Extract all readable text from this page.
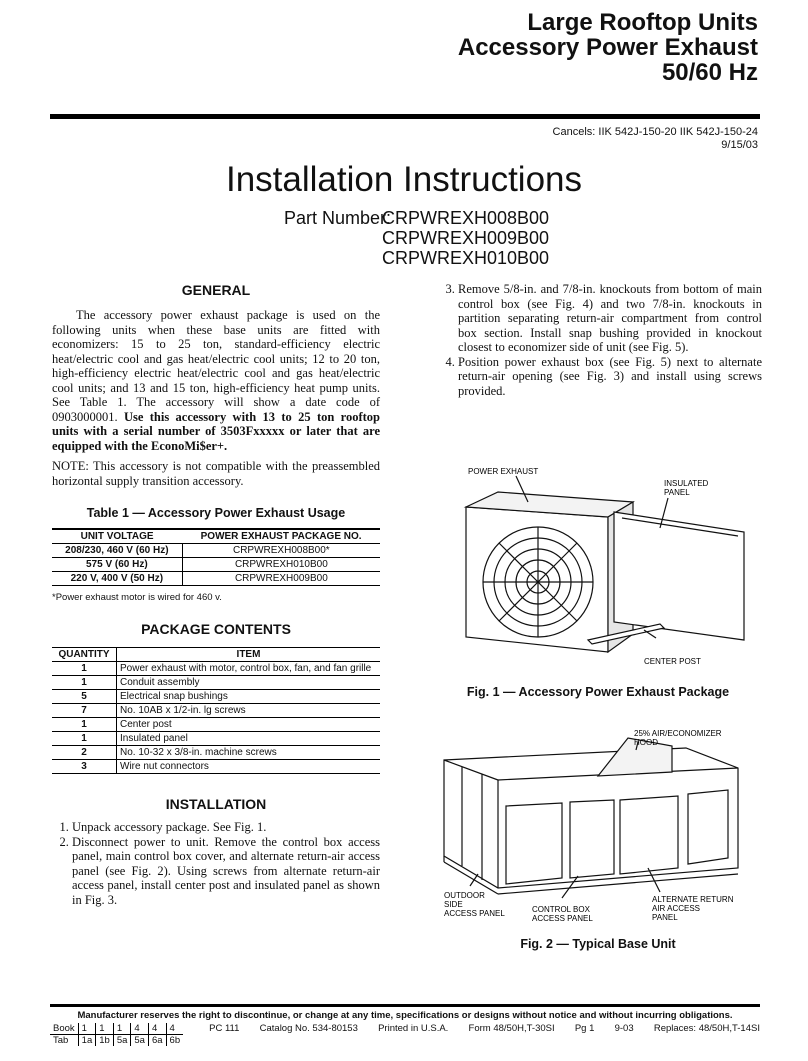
Large Rooftop Units
Accessory Power Exhaust
50/60 Hz
Cancels: IIK 542J-150-20 IIK 542J-150-24
9/15/03
Installation Instructions
Part Number:
CRPWREXH008B00
CRPWREXH009B00
CRPWREXH010B00
GENERAL

The accessory power exhaust package is used on the following units when these base units are fitted with economizers: 15 to 25 ton, standard-efficiency electric heat/electric cool and gas heat/electric cool units; 12 to 20 ton, high-efficiency electric heat/electric cool and gas heat/electric cool units; and 13 and 15 ton, high-efficiency heat pump units. See Table 1. The accessory will show a date code of 0903000001. Use this accessory with 13 to 25 ton rooftop units with a serial number of 3503Fxxxxx or later that are equipped with the EconoMi$er+.

NOTE: This accessory is not compatible with the preassembled horizontal supply transition accessory.

Table 1 — Accessory Power Exhaust Usage
UNIT VOLTAGE	POWER EXHAUST PACKAGE NO.
208/230, 460 V (60 Hz)	CRPWREXH008B00*
575 V (60 Hz)	CRPWREXH010B00
220 V, 400 V (50 Hz)	CRPWREXH009B00
*Power exhaust motor is wired for 460 v.
PACKAGE CONTENTS
QUANTITY	ITEM
1	Power exhaust with motor, control box, fan, and fan grille
1	Conduit assembly
5	Electrical snap bushings
7	No. 10AB x 1/2-in. lg screws
1	Center post
1	Insulated panel
2	No. 10-32 x 3/8-in. machine screws
3	Wire nut connectors
INSTALLATION
1. Unpack accessory package. See Fig. 1.
2. Disconnect power to unit. Remove the control box access panel, main control box cover, and alternate return-air access panel (see Fig. 2). Using screws from alternate return-air access panel, install center post and insulated panel as shown in Fig. 3.
3. Remove 5/8-in. and 7/8-in. knockouts from bottom of main control box (see Fig. 4) and two 7/8-in. knockouts in partition separating return-air compartment from control box section. Install snap bushing provided in knockout closest to economizer side of unit (see Fig. 5).
4. Position power exhaust box (see Fig. 5) next to alternate return-air opening (see Fig. 3) and install using screws provided.
POWER EXHAUST
INSULATED
PANEL
CENTER POST
Fig. 1 — Accessory Power Exhaust Package
25% AIR/ECONOMIZER
HOOD
OUTDOOR
SIDE
ACCESS PANEL	CONTROL BOX
ACCESS PANEL
ALTERNATE RETURN
AIR ACCESS
PANEL
Fig. 2 — Typical Base Unit
Manufacturer reserves the right to discontinue, or change at any time, specifications or designs without notice and without incurring obligations.
Book	1	1	1	4	4	4
Tab	1a	1b	5a	5a	6a	6b
PC 111 Catalog No. 534-80153 Printed in U.S.A. Form 48/50H,T-30SI Pg 1 9-03 Replaces: 48/50H,T-14SI
